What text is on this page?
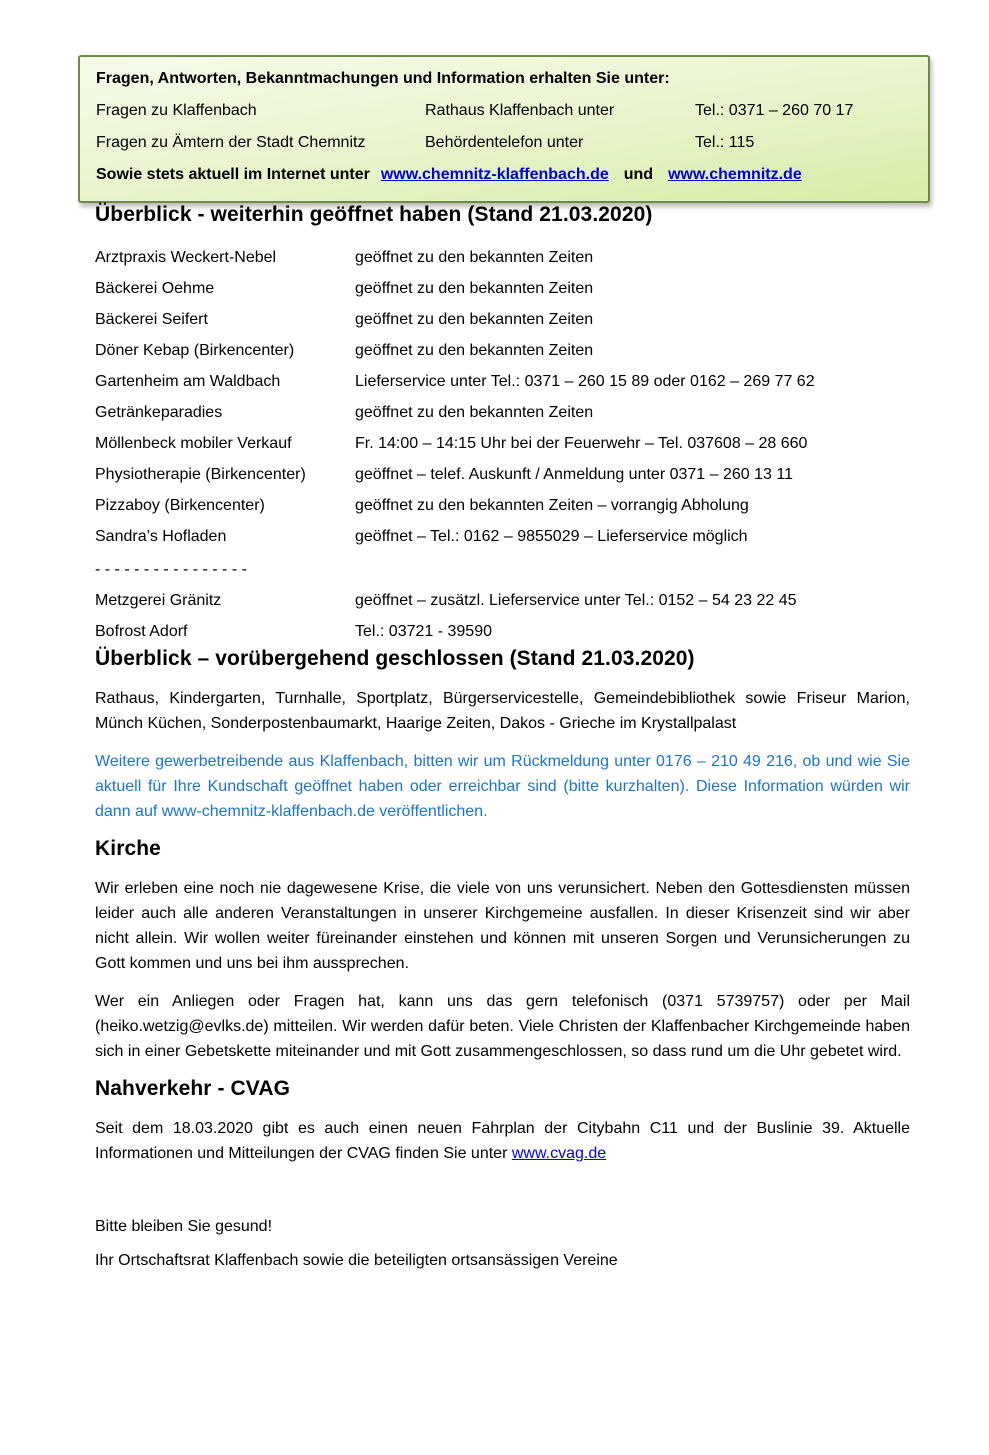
Fragen, Antworten, Bekanntmachungen und Information erhalten Sie unter:
Fragen zu Klaffenbach	Rathaus Klaffenbach unter	Tel.: 0371 – 260 70 17
Fragen zu Ämtern der Stadt Chemnitz	Behördentelefon unter	Tel.: 115
Sowie stets aktuell im Internet unter www.chemnitz-klaffenbach.de und www.chemnitz.de
Überblick - weiterhin geöffnet haben (Stand 21.03.2020)
Arztpraxis Weckert-Nebel	geöffnet zu den bekannten Zeiten
Bäckerei Oehme	geöffnet zu den bekannten Zeiten
Bäckerei Seifert	geöffnet zu den bekannten Zeiten
Döner Kebap (Birkencenter)	geöffnet zu den bekannten Zeiten
Gartenheim am Waldbach	Lieferservice unter Tel.: 0371 – 260 15 89 oder 0162 – 269 77 62
Getränkeparadies	geöffnet zu den bekannten Zeiten
Möllenbeck mobiler Verkauf	Fr. 14:00 – 14:15 Uhr bei der Feuerwehr – Tel. 037608 – 28 660
Physiotherapie (Birkencenter)	geöffnet – telef. Auskunft / Anmeldung unter 0371 – 260 13 11
Pizzaboy (Birkencenter)	geöffnet zu den bekannten Zeiten – vorrangig Abholung
Sandra’s Hofladen	geöffnet – Tel.: 0162 – 9855029 – Lieferservice möglich
- - - - - - - - - - - - - - - -
Metzgerei Gränitz	geöffnet – zusätzl. Lieferservice unter Tel.: 0152 – 54 23 22 45
Bofrost Adorf	Tel.: 03721 - 39590
Überblick – vorübergehend geschlossen (Stand 21.03.2020)

Rathaus, Kindergarten, Turnhalle, Sportplatz, Bürgerservicestelle, Gemeindebibliothek sowie Friseur Marion, Münch Küchen, Sonderpostenbaumarkt, Haarige Zeiten, Dakos - Grieche im Krystallpalast

Weitere gewerbetreibende aus Klaffenbach, bitten wir um Rückmeldung unter 0176 – 210 49 216, ob und wie Sie aktuell für Ihre Kundschaft geöffnet haben oder erreichbar sind (bitte kurzhalten). Diese Information würden wir dann auf www-chemnitz-klaffenbach.de veröffentlichen.

Kirche

Wir erleben eine noch nie dagewesene Krise, die viele von uns verunsichert. Neben den Gottesdiensten müssen leider auch alle anderen Veranstaltungen in unserer Kirchgemeine ausfallen. In dieser Krisenzeit sind wir aber nicht allein. Wir wollen weiter füreinander einstehen und können mit unseren Sorgen und Verunsicherungen zu Gott kommen und uns bei ihm aussprechen.

Wer ein Anliegen oder Fragen hat, kann uns das gern telefonisch (0371 5739757) oder per Mail (heiko.wetzig@evlks.de) mitteilen. Wir werden dafür beten. Viele Christen der Klaffenbacher Kirchgemeinde haben sich in einer Gebetskette miteinander und mit Gott zusammengeschlossen, so dass rund um die Uhr gebetet wird.

Nahverkehr - CVAG

Seit dem 18.03.2020 gibt es auch einen neuen Fahrplan der Citybahn C11 und der Buslinie 39. Aktuelle Informationen und Mitteilungen der CVAG finden Sie unter www.cvag.de

Bitte bleiben Sie gesund!

Ihr Ortschaftsrat Klaffenbach sowie die beteiligten ortsansässigen Vereine
